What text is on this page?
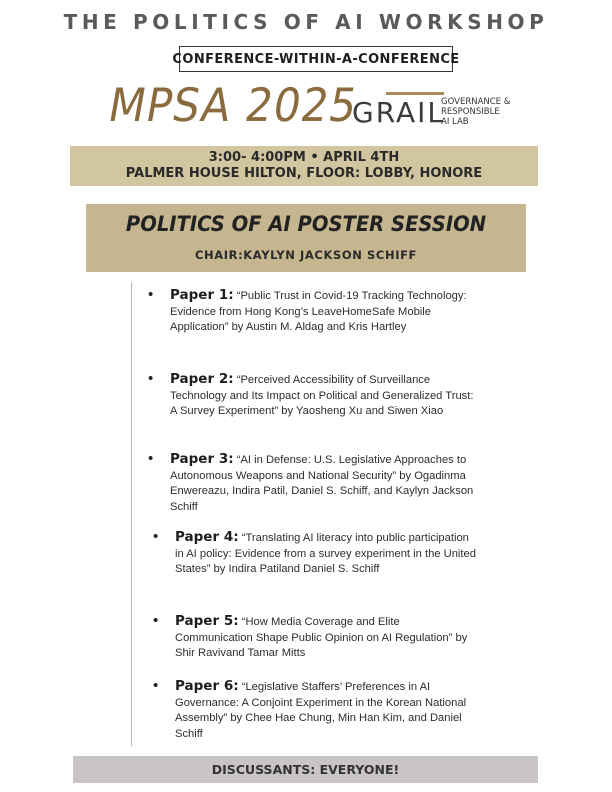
THE POLITICS OF AI WORKSHOP
CONFERENCE-WITHIN-A-CONFERENCE
MPSA 2025
GRAIL
GOVERNANCE &
RESPONSIBLE
AI LAB
3:00- 4:00PM • APRIL 4TH
PALMER HOUSE HILTON, FLOOR: LOBBY, HONORE
POLITICS OF AI POSTER SESSION
CHAIR:KAYLYN JACKSON SCHIFF
• Paper 1: “Public Trust in Covid-19 Tracking Technology: Evidence from Hong Kong’s LeaveHomeSafe Mobile Application” by Austin M. Aldag and Kris Hartley
• Paper 2: “Perceived Accessibility of Surveillance Technology and Its Impact on Political and Generalized Trust: A Survey Experiment” by Yaosheng Xu and Siwen Xiao
• Paper 3: “AI in Defense: U.S. Legislative Approaches to Autonomous Weapons and National Security” by Ogadinma Enwereazu, Indira Patil, Daniel S. Schiff, and Kaylyn Jackson Schiff
• Paper 4: “Translating AI literacy into public participation in AI policy: Evidence from a survey experiment in the United States” by Indira Patiland Daniel S. Schiff
• Paper 5: “How Media Coverage and Elite Communication Shape Public Opinion on AI Regulation” by Shir Ravivand Tamar Mitts
• Paper 6: “Legislative Staffers’ Preferences in AI Governance: A Conjoint Experiment in the Korean National Assembly” by Chee Hae Chung, Min Han Kim, and Daniel Schiff
DISCUSSANTS: EVERYONE!
